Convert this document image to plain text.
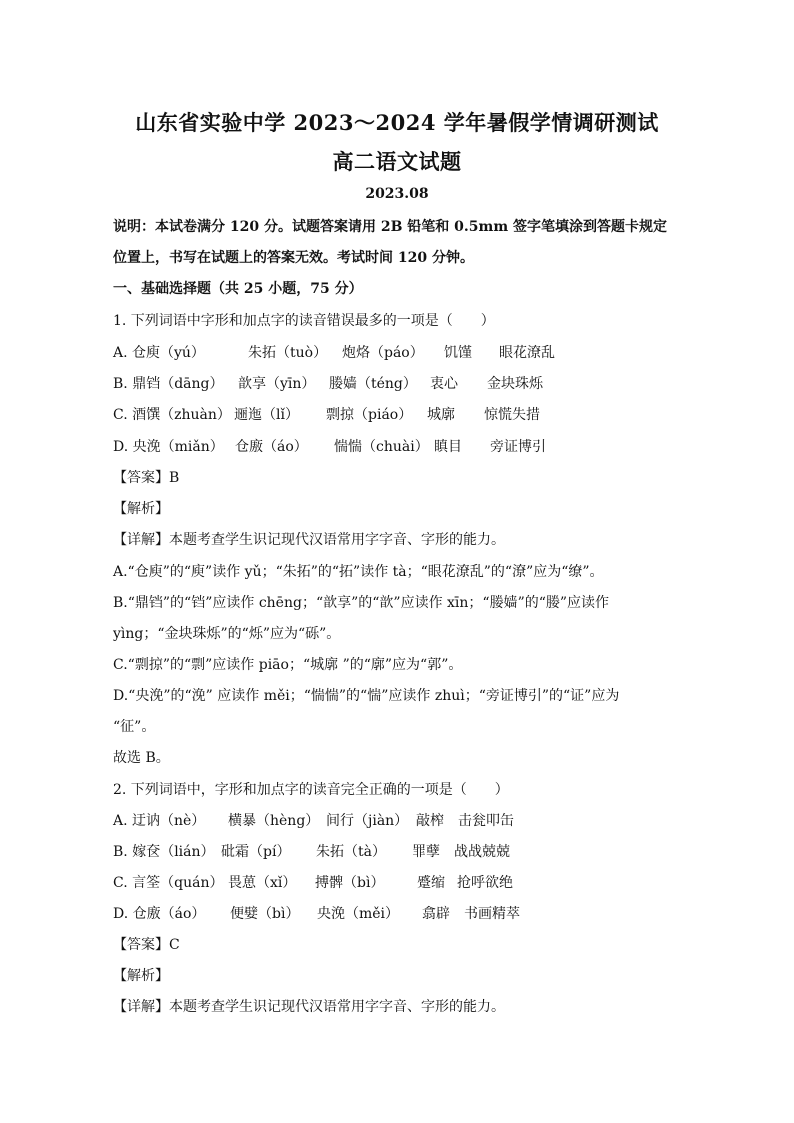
山东省实验中学 2023～2024 学年暑假学情调研测试
高二语文试题
2023.08
说明：本试卷满分 120 分。试题答案请用 2B 铅笔和 0.5mm 签字笔填涂到答题卡规定
位置上，书写在试题上的答案无效。考试时间 120 分钟。
一、基础选择题（共 25 小题，75 分）
1. 下列词语中字形和加点字的读音错误最多的一项是（　　）
A. 仓庾（yú）	朱拓（tuò） 炮烙（páo） 饥馑 眼花潦乱
B. 鼎铛（dāng） 歆享（yīn） 媵嫱（téng） 衷心 金块珠烁
C. 酒馔（zhuàn） 逦迤（lǐ） 剽掠（piáo） 城廓 惊慌失措
D. 央浼（miǎn） 仓廒（áo） 惴惴（chuài） 瞋目 旁证博引
【答案】B
【解析】
【详解】本题考查学生识记现代汉语常用字字音、字形的能力。
A.“仓庾”的“庾”读作 yǔ；“朱拓”的“拓”读作 tà；“眼花潦乱”的“潦”应为“缭”。
B.“鼎铛”的“铛”应读作 chēng；“歆享”的“歆”应读作 xīn；“媵嫱”的“媵”应读作
yìng；“金块珠烁”的“烁”应为“砾”。
C.“剽掠”的“剽”应读作 piāo；“城廓 ”的“廓”应为“郭”。
D.“央浼”的“浼” 应读作 měi；“惴惴”的“惴”应读作 zhuì；“旁证博引”的“证”应为
“征”。
故选 B。
2. 下列词语中，字形和加点字的读音完全正确的一项是（　　）
A. 迂讷（nè） 横暴（hèng） 间行（jiàn） 敲榨 击瓮叩缶
B. 嫁奁（lián） 砒霜（pí） 朱拓（tà） 罪孽 战战兢兢
C. 言筌（quán） 畏葸（xǐ） 搏髀（bì） 蹙缩 抢呼欲绝
D. 仓廒（áo） 便嬖（bì） 央浼（měi） 翕辟 书画精萃
【答案】C
【解析】
【详解】本题考查学生识记现代汉语常用字字音、字形的能力。
